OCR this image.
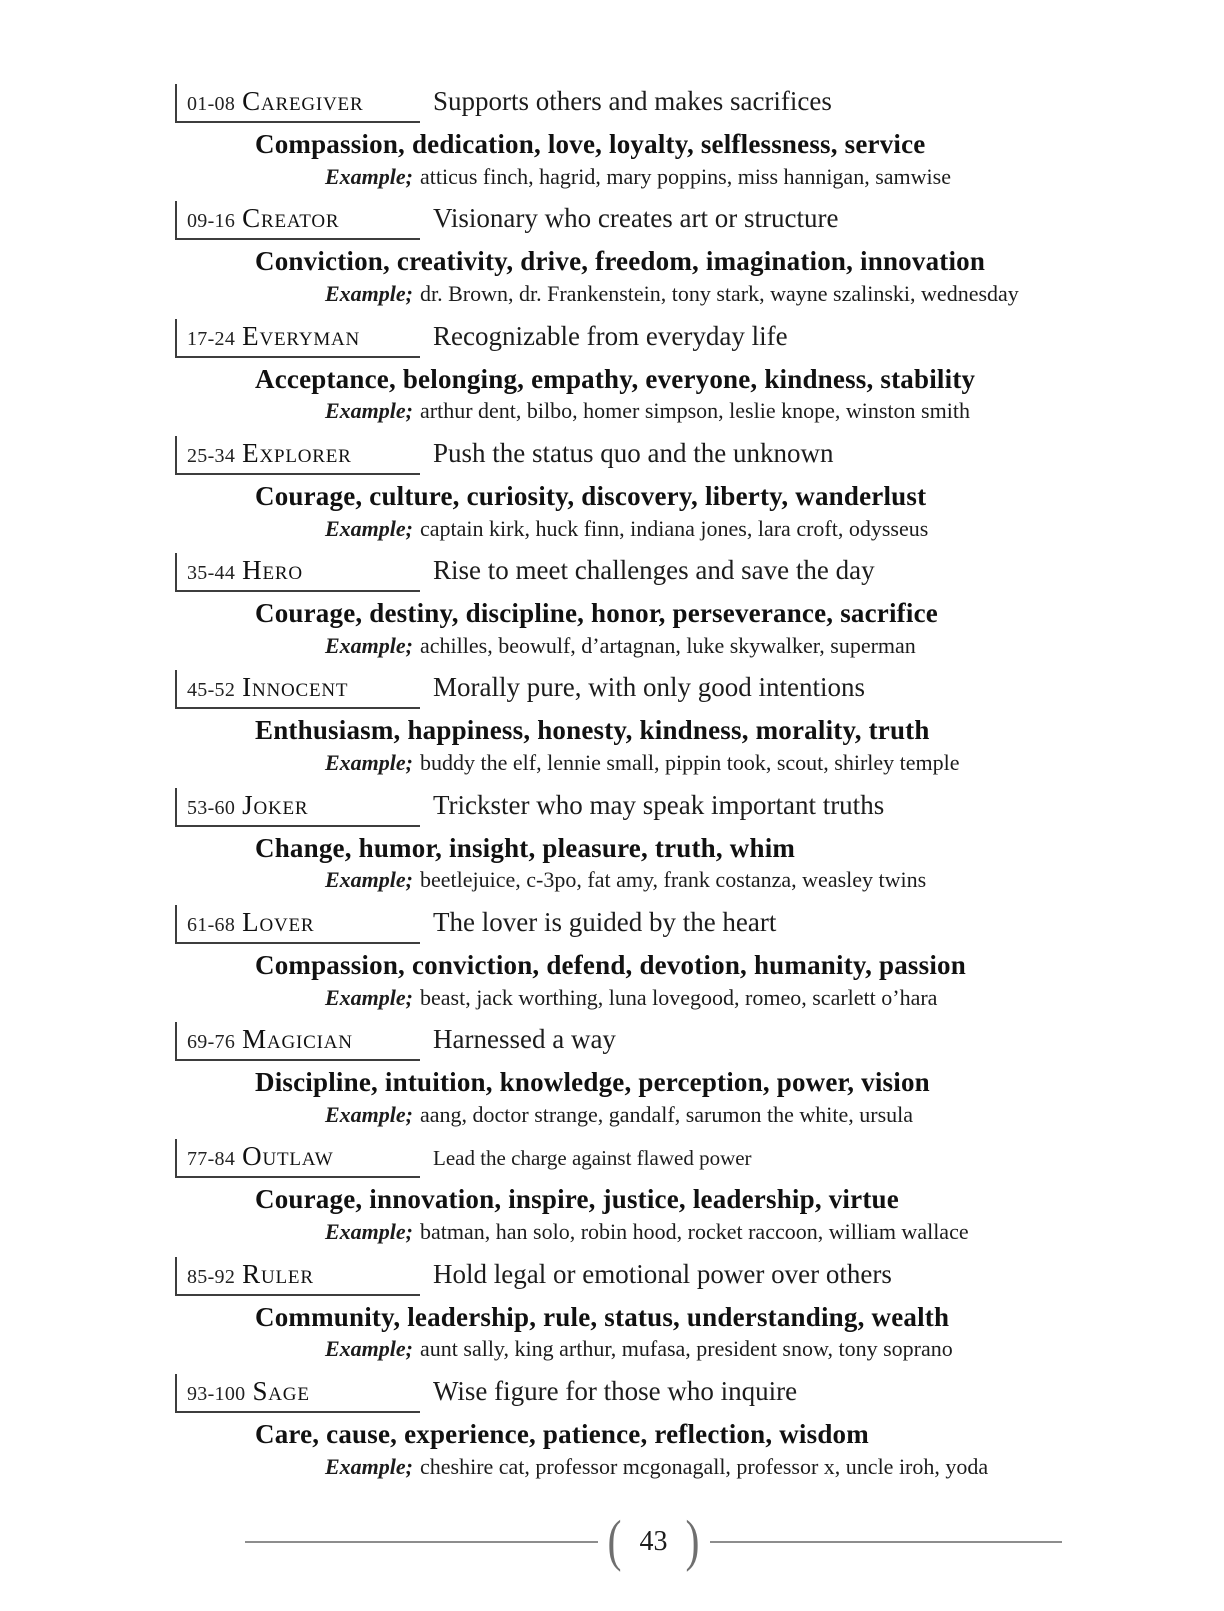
01-08 Caregiver	Supports others and makes sacrifices
Compassion, dedication, love, loyalty, selflessness, service
Example; atticus finch, hagrid, mary poppins, miss hannigan, samwise
09-16 Creator	Visionary who creates art or structure
Conviction, creativity, drive, freedom, imagination, innovation
Example; dr. Brown, dr. Frankenstein, tony stark, wayne szalinski, wednesday
17-24 Everyman	Recognizable from everyday life
Acceptance, belonging, empathy, everyone, kindness, stability
Example; arthur dent, bilbo, homer simpson, leslie knope, winston smith
25-34 Explorer	Push the status quo and the unknown
Courage, culture, curiosity, discovery, liberty, wanderlust
Example; captain kirk, huck finn, indiana jones, lara croft, odysseus
35-44 Hero	Rise to meet challenges and save the day
Courage, destiny, discipline, honor, perseverance, sacrifice
Example; achilles, beowulf, d’artagnan, luke skywalker, superman
45-52 Innocent	Morally pure, with only good intentions
Enthusiasm, happiness, honesty, kindness, morality, truth
Example; buddy the elf, lennie small, pippin took, scout, shirley temple
53-60 Joker	Trickster who may speak important truths
Change, humor, insight, pleasure, truth, whim
Example; beetlejuice, c-3po, fat amy, frank costanza, weasley twins
61-68 Lover	The lover is guided by the heart
Compassion, conviction, defend, devotion, humanity, passion
Example; beast, jack worthing, luna lovegood, romeo, scarlett o’hara
69-76 Magician	Harnessed a way
Discipline, intuition, knowledge, perception, power, vision
Example; aang, doctor strange, gandalf, sarumon the white, ursula
77-84 Outlaw	Lead the charge against flawed power
Courage, innovation, inspire, justice, leadership, virtue
Example; batman, han solo, robin hood, rocket raccoon, william wallace
85-92 Ruler	Hold legal or emotional power over others
Community, leadership, rule, status, understanding, wealth
Example; aunt sally, king arthur, mufasa, president snow, tony soprano
93-100 Sage	Wise figure for those who inquire
Care, cause, experience, patience, reflection, wisdom
Example; cheshire cat, professor mcgonagall, professor x, uncle iroh, yoda
( 43 )
